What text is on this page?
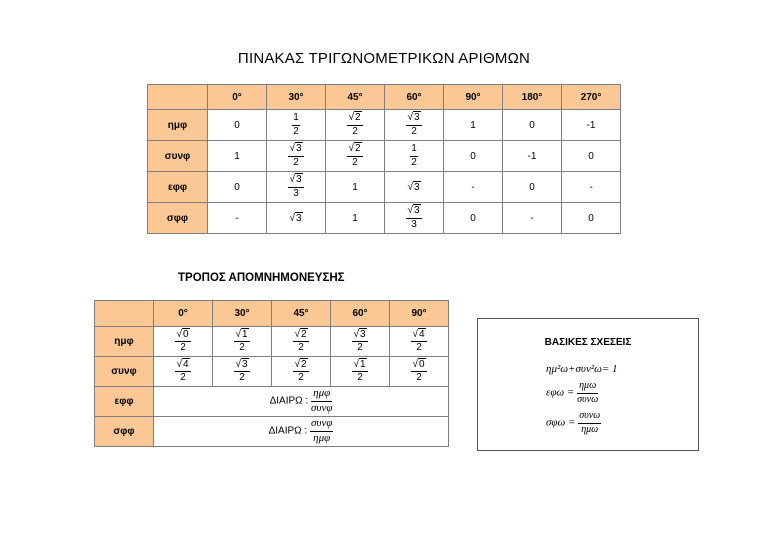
ΠΙΝΑΚΑΣ ΤΡΙΓΩΝΟΜΕΤΡΙΚΩΝ ΑΡΙΘΜΩΝ
	0°	30°	45°	60°	90°	180°	270°
ημφ	0	$\frac{1}{2}$	$\frac{√2}{2}$	$\frac{√3}{2}$	1	0	-1
συνφ	1	$\frac{√3}{2}$	$\frac{√2}{2}$	$\frac{1}{2}$	0	-1	0
εφφ	0	$\frac{√3}{3}$	1	√3	-	0	-
σφφ	-	√3	1	$\frac{√3}{3}$	0	-	0
ΤΡΟΠΟΣ ΑΠΟΜΝΗΜΟΝΕΥΣΗΣ
	0°	30°	45°	60°	90°
ημφ	$\frac{√0}{2}$	$\frac{√1}{2}$	$\frac{√2}{2}$	$\frac{√3}{2}$	$\frac{√4}{2}$

συνφ	$\frac{√4}{2}$	$\frac{√3}{2}$	$\frac{√2}{2}$	$\frac{√1}{2}$	$\frac{√0}{2}$

εφφ	ΔΙΑΙΡΩ : $\frac{\text{ημφ}}{\text{συνφ}}$

σφφ	ΔΙΑΙΡΩ : $\frac{\text{συνφ}}{\text{ημφ}}$
ΒΑΣΙΚΕΣ ΣΧΕΣΕΙΣ
ημ²ω+συν²ω= 1
$\varepsilon\varphi\omega = \frac{\text{ημω}}{\text{συνω}}$
$\sigma\varphi\omega = \frac{\text{συνω}}{\text{ημω}}$
